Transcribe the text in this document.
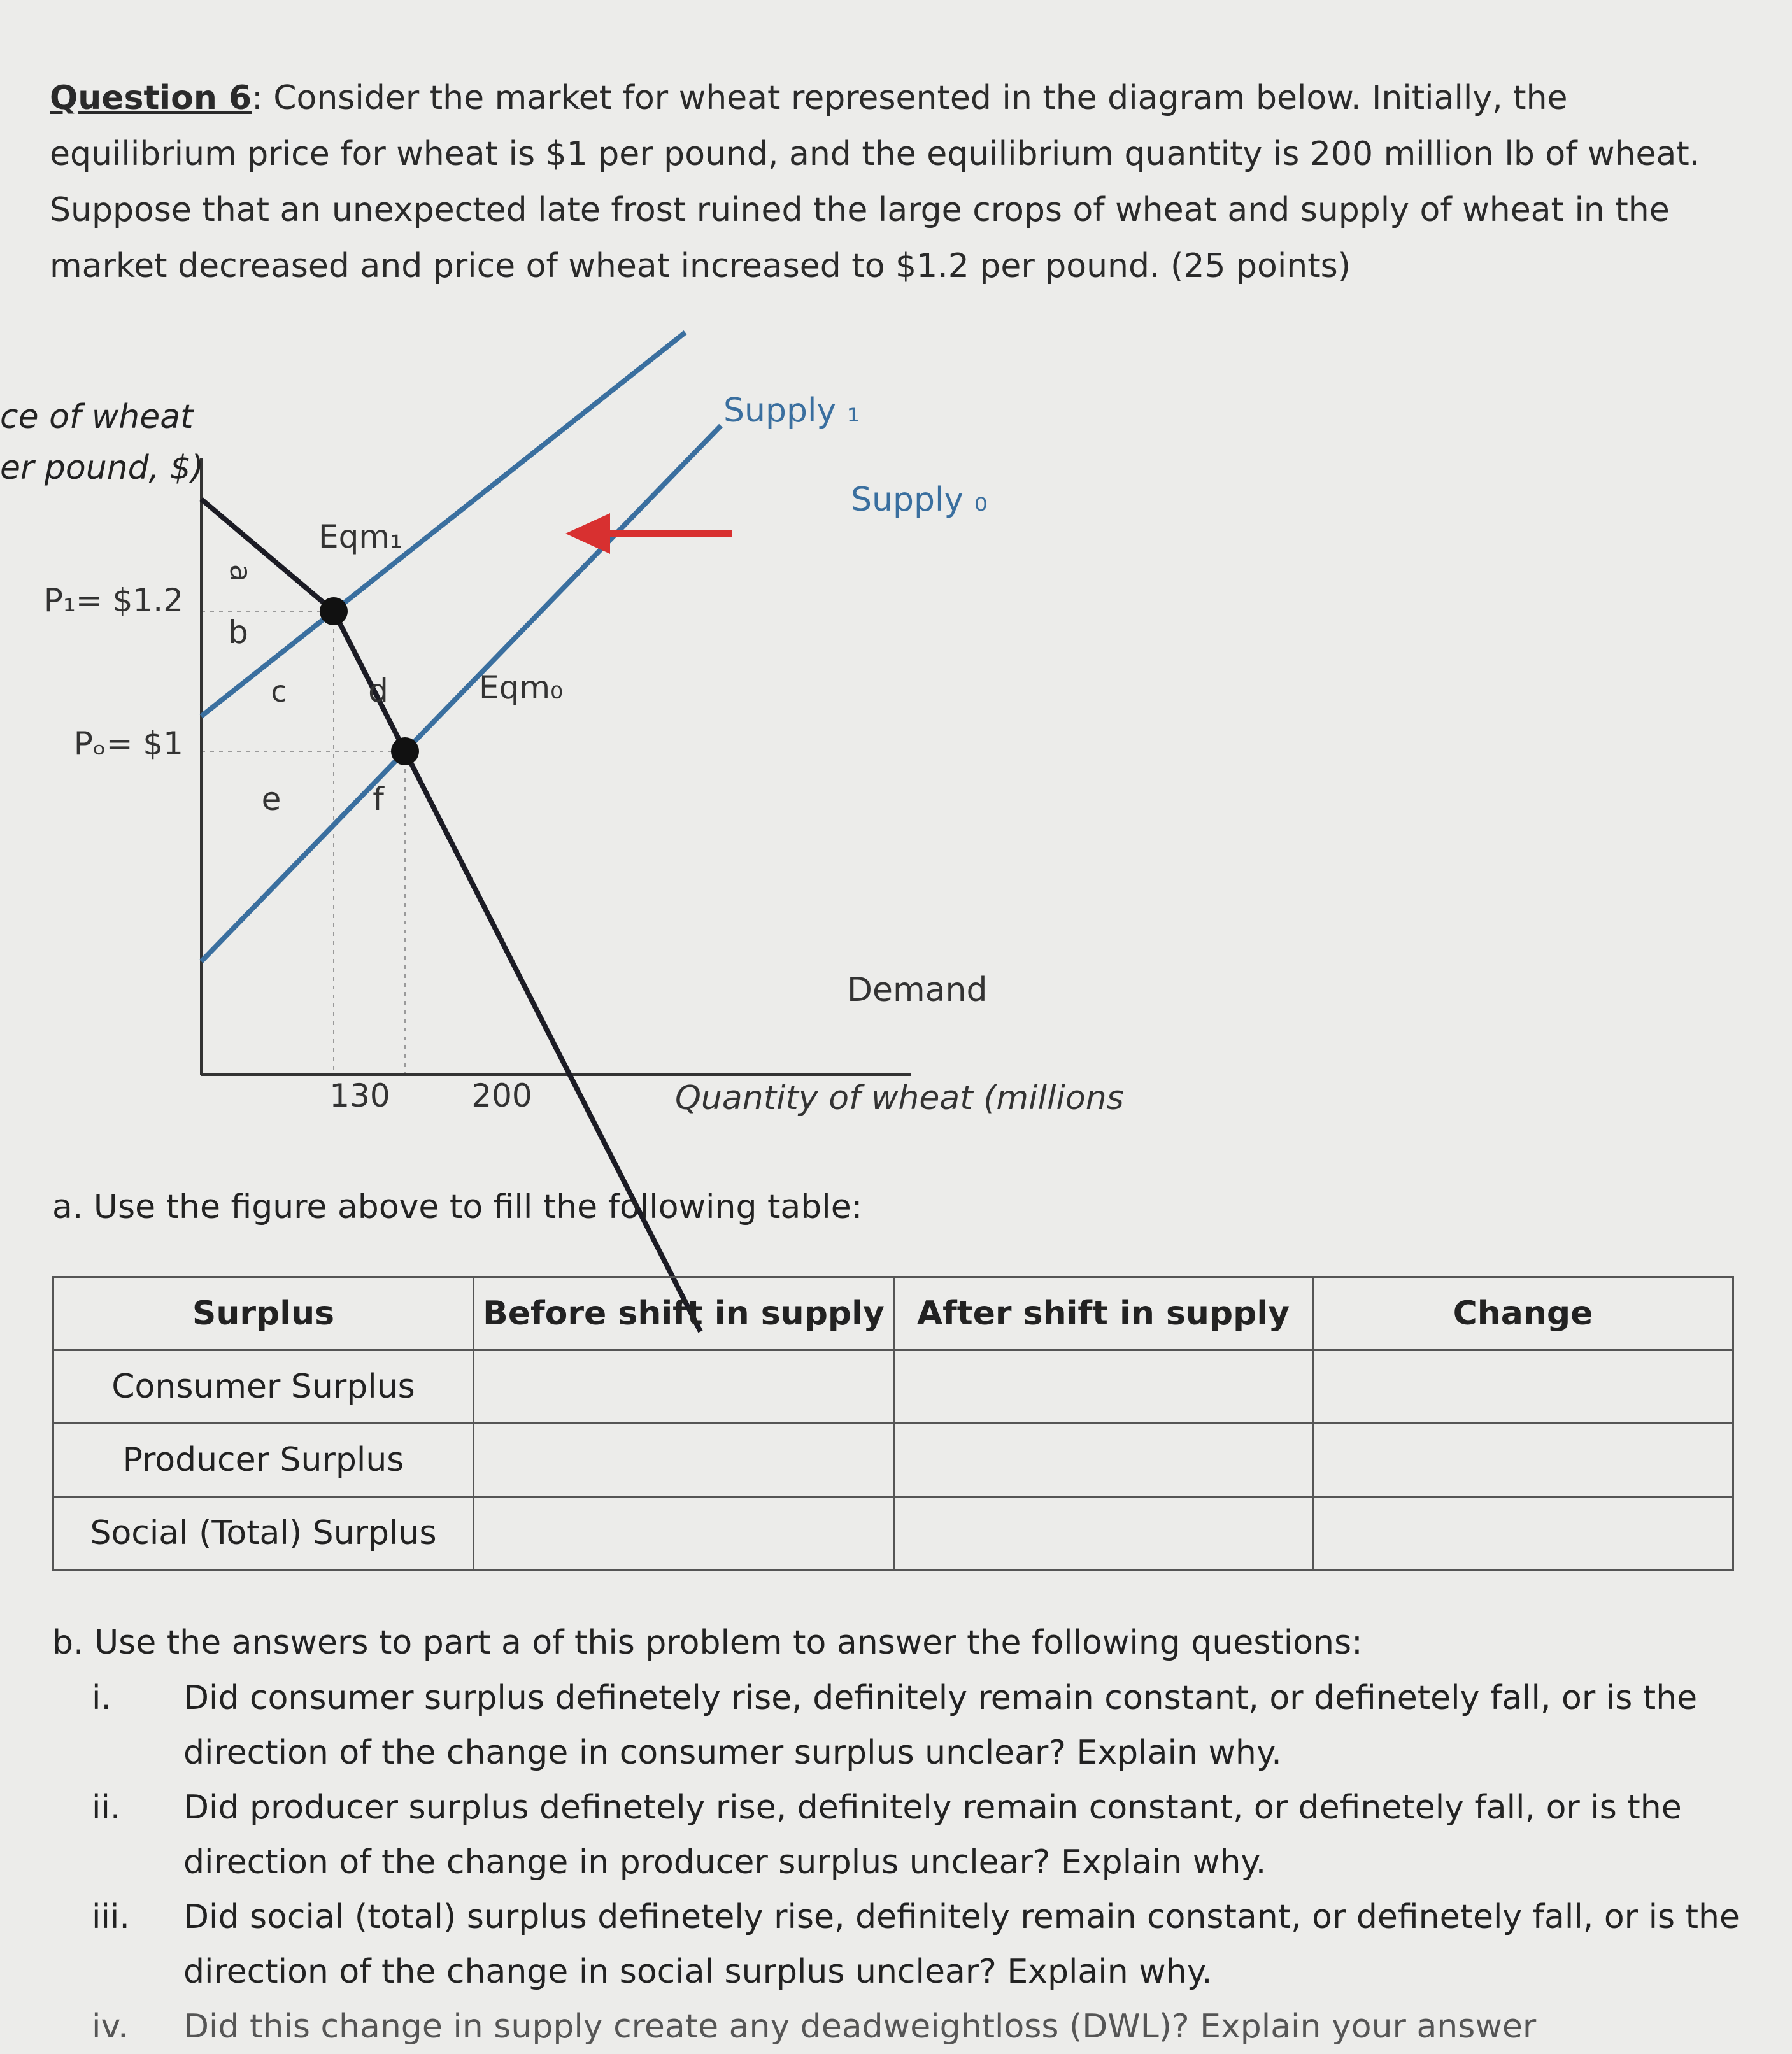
Question 6: Consider the market for wheat represented in the diagram below. Initially, the equilibrium price for wheat is $1 per pound, and the equilibrium quantity is 200 million lb of wheat. Suppose that an unexpected late frost ruined the large crops of wheat and supply of wheat in the market decreased and price of wheat increased to $1.2 per pound. (25 points)
ce of wheat
er pound, $)
P₁= $1.2
Pₒ= $1
130	200	Quantity of wheat (millions
Supply ₁
Supply ₀
Demand
Eqm₁
Eqm₀
a
b
c	d
e	f
a. Use the figure above to fill the following table:
Surplus	Before shift in supply	After shift in supply	Change
Consumer Surplus			
Producer Surplus			
Social (Total) Surplus			
b. Use the answers to part a of this problem to answer the following questions:
i. Did consumer surplus definetely rise, definitely remain constant, or definetely fall, or is the direction of the change in consumer surplus unclear? Explain why.
ii. Did producer surplus definetely rise, definitely remain constant, or definetely fall, or is the direction of the change in producer surplus unclear? Explain why.
iii. Did social (total) surplus definetely rise, definitely remain constant, or definetely fall, or is the direction of the change in social surplus unclear? Explain why.
iv. Did this change in supply create any deadweightloss (DWL)? Explain your answer
